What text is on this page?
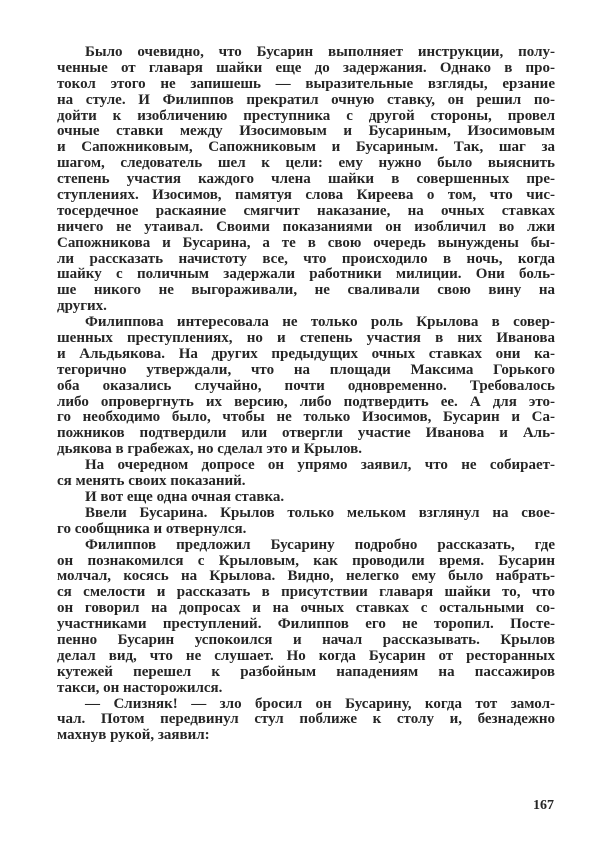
Было очевидно, что Бусарин выполняет инструкции, полу-
ченные от главаря шайки еще до задержания. Однако в про-
токол этого не запишешь — выразительные взгляды, ерзание
на стуле. И Филиппов прекратил очную ставку, он решил по-
дойти к изобличению преступника с другой стороны, провел
очные ставки между Изосимовым и Бусариным, Изосимовым
и Сапожниковым, Сапожниковым и Бусариным. Так, шаг за
шагом, следователь шел к цели: ему нужно было выяснить
степень участия каждого члена шайки в совершенных пре-
ступлениях. Изосимов, памятуя слова Киреева о том, что чис-
тосердечное раскаяние смягчит наказание, на очных ставках
ничего не утаивал. Своими показаниями он изобличил во лжи
Сапожникова и Бусарина, а те в свою очередь вынуждены бы-
ли рассказать начистоту все, что происходило в ночь, когда
шайку с поличным задержали работники милиции. Они боль-
ше никого не выгораживали, не сваливали свою вину на
других.
Филиппова интересовала не только роль Крылова в совер-
шенных преступлениях, но и степень участия в них Иванова
и Альдьякова. На других предыдущих очных ставках они ка-
тегорично утверждали, что на площади Максима Горького
оба оказались случайно, почти одновременно. Требовалось
либо опровергнуть их версию, либо подтвердить ее. А для это-
го необходимо было, чтобы не только Изосимов, Бусарин и Са-
пожников подтвердили или отвергли участие Иванова и Аль-
дьякова в грабежах, но сделал это и Крылов.
На очередном допросе он упрямо заявил, что не собирает-
ся менять своих показаний.
И вот еще одна очная ставка.
Ввели Бусарина. Крылов только мельком взглянул на свое-
го сообщника и отвернулся.
Филиппов предложил Бусарину подробно рассказать, где
он познакомился с Крыловым, как проводили время. Бусарин
молчал, косясь на Крылова. Видно, нелегко ему было набрать-
ся смелости и рассказать в присутствии главаря шайки то, что
он говорил на допросах и на очных ставках с остальными со-
участниками преступлений. Филиппов его не торопил. Посте-
пенно Бусарин успокоился и начал рассказывать. Крылов
делал вид, что не слушает. Но когда Бусарин от ресторанных
кутежей перешел к разбойным нападениям на пассажиров
такси, он насторожился.
— Слизняк! — зло бросил он Бусарину, когда тот замол-
чал. Потом передвинул стул поближе к столу и, безнадежно
махнув рукой, заявил:
167
